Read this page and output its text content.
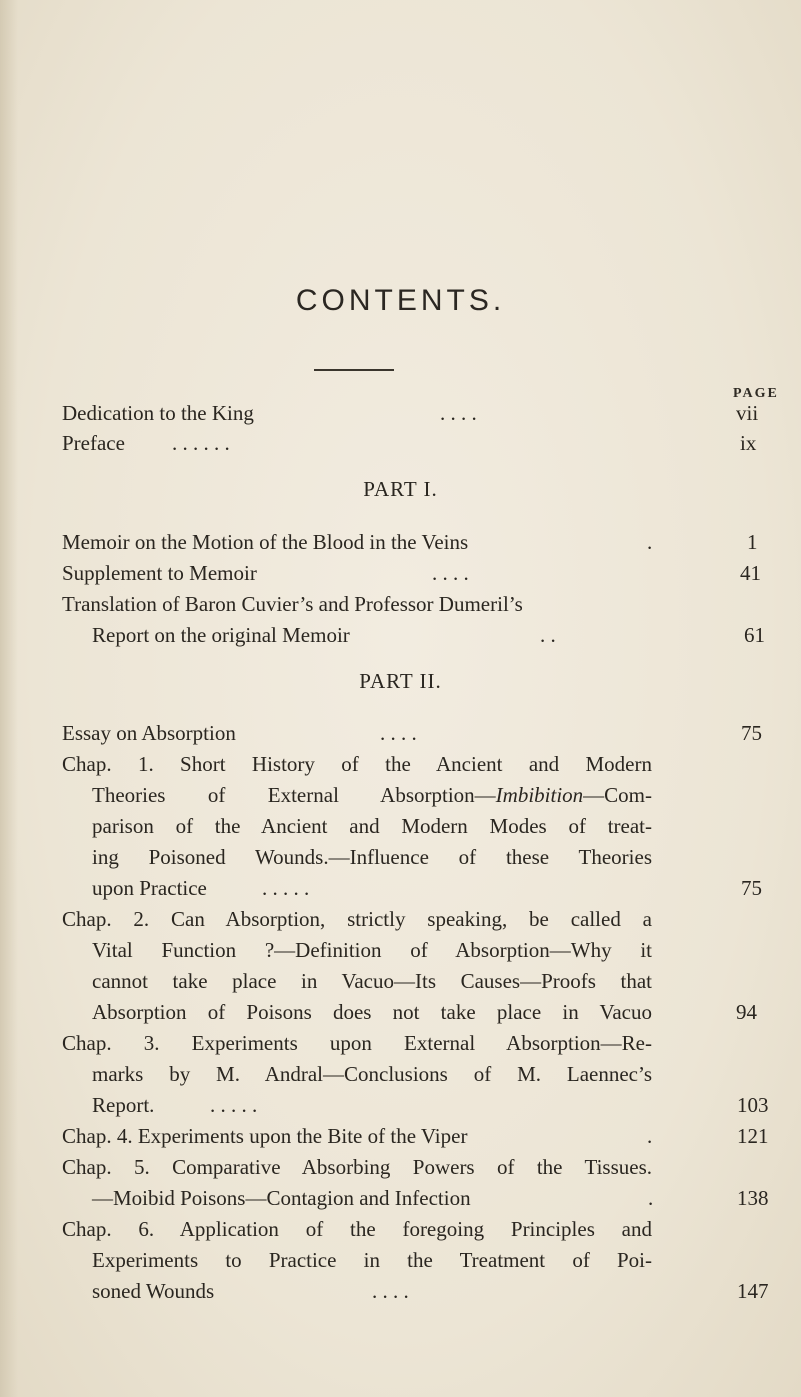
CONTENTS.
PAGE
Dedication to the King	. . . .	vii
Preface . . . . . .	ix
PART I.
Memoir on the Motion of the Blood in the Veins	.	1
Supplement to Memoir	. . . .	41
Translation of Baron Cuvier’s and Professor Dumeril’s
Report on the original Memoir	. .	61
PART II.
Essay on Absorption	. . . .	75
Chap. 1. Short History of the Ancient and Modern
Theories of External Absorption—Imbibition—Com-
parison of the Ancient and Modern Modes of treat-
ing Poisoned Wounds.—Influence of these Theories
upon Practice	. . . . .	75
Chap. 2. Can Absorption, strictly speaking, be called a
Vital Function ?—Definition of Absorption—Why it
cannot take place in Vacuo—Its Causes—Proofs that
Absorption of Poisons does not take place in Vacuo	94
Chap. 3. Experiments upon External Absorption—Re-
marks by M. Andral—Conclusions of M. Laennec’s
Report.	. . . . .	103
Chap. 4. Experiments upon the Bite of the Viper	.	121
Chap. 5. Comparative Absorbing Powers of the Tissues.
—Moibid Poisons—Contagion and Infection	.	138
Chap. 6. Application of the foregoing Principles and
Experiments to Practice in the Treatment of Poi-
soned Wounds	. . . .	147
